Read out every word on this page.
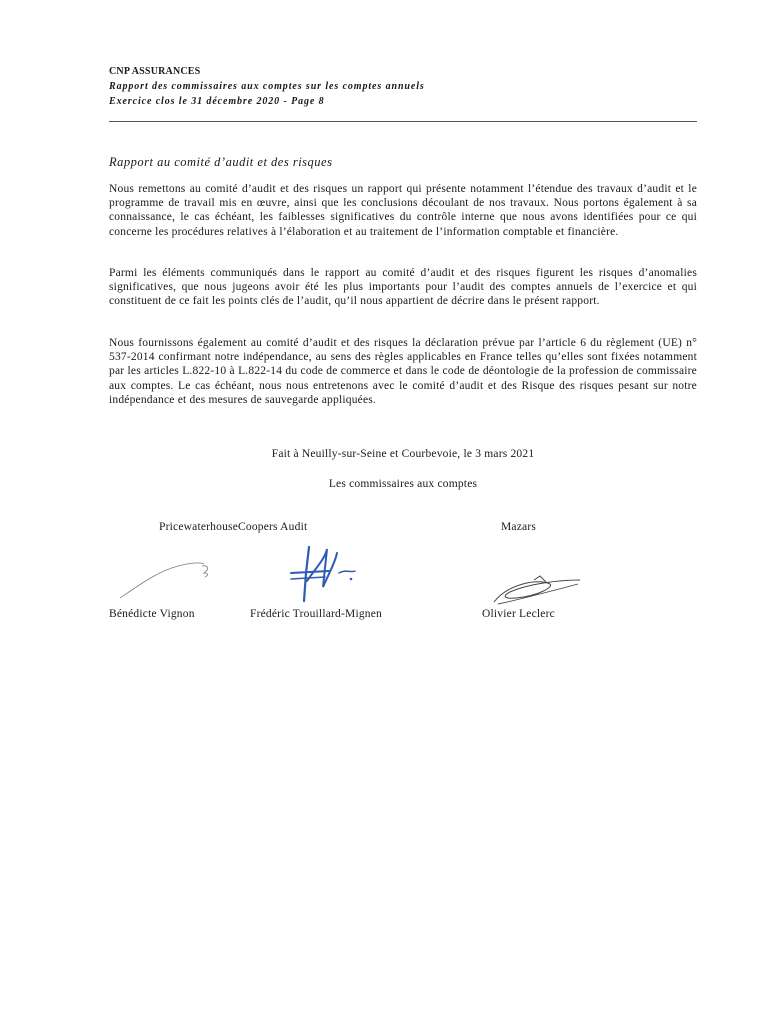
CNP ASSURANCES
Rapport des commissaires aux comptes sur les comptes annuels
Exercice clos le 31 décembre 2020 - Page 8
Rapport au comité d’audit et des risques

Nous remettons au comité d’audit et des risques un rapport qui présente notamment l’étendue des travaux d’audit et le programme de travail mis en œuvre, ainsi que les conclusions découlant de nos travaux. Nous portons également à sa connaissance, le cas échéant, les faiblesses significatives du contrôle interne que nous avons identifiées pour ce qui concerne les procédures relatives à l’élaboration et au traitement de l’information comptable et financière.

Parmi les éléments communiqués dans le rapport au comité d’audit et des risques figurent les risques d’anomalies significatives, que nous jugeons avoir été les plus importants pour l’audit des comptes annuels de l’exercice et qui constituent de ce fait les points clés de l’audit, qu’il nous appartient de décrire dans le présent rapport.

Nous fournissons également au comité d’audit et des risques la déclaration prévue par l’article 6 du règlement (UE) n° 537-2014 confirmant notre indépendance, au sens des règles applicables en France telles qu’elles sont fixées notamment par les articles L.822-10 à L.822-14 du code de commerce et dans le code de déontologie de la profession de commissaire aux comptes. Le cas échéant, nous nous entretenons avec le comité d’audit et des Risque des risques pesant sur notre indépendance et des mesures de sauvegarde appliquées.

Fait à Neuilly-sur-Seine et Courbevoie, le 3 mars 2021
Les commissaires aux comptes
PricewaterhouseCoopers Audit	Mazars
Bénédicte Vignon	Frédéric Trouillard-Mignen	Olivier Leclerc
